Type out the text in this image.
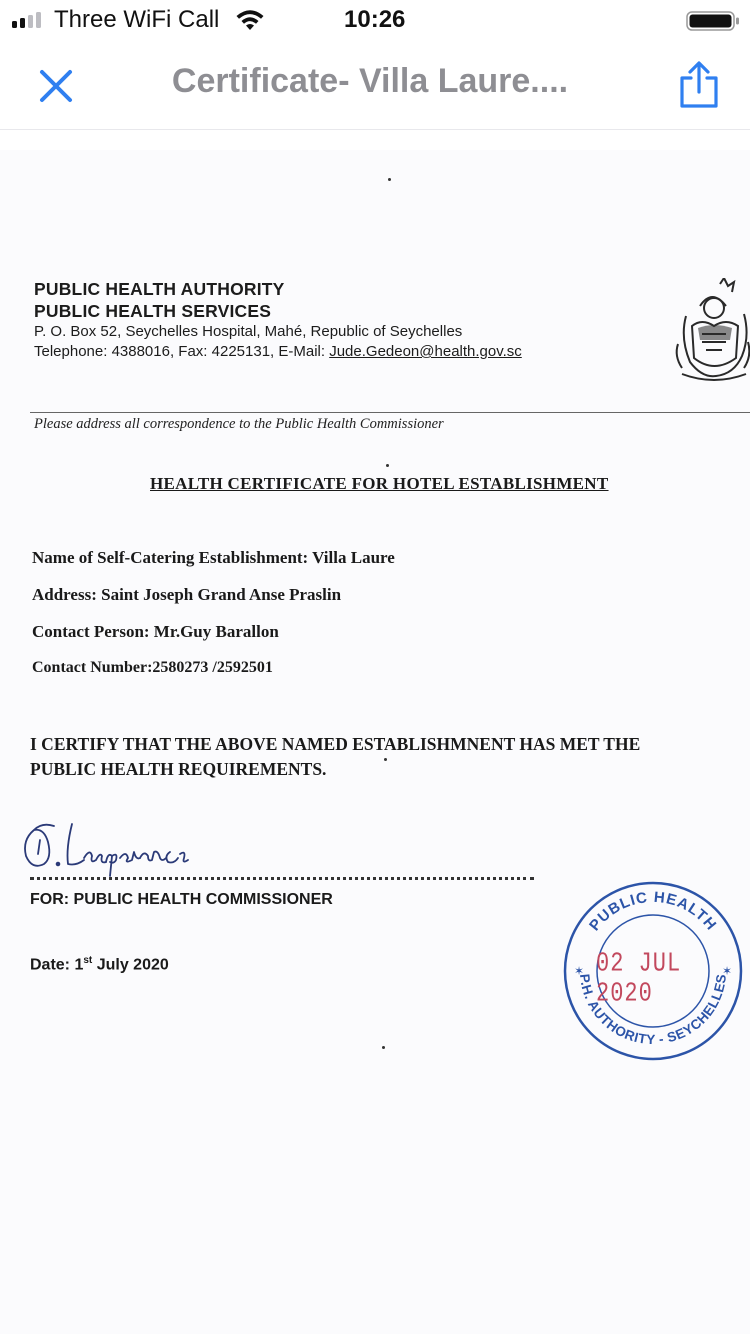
Three WiFi Call	10:26
Certificate- Villa Laure....
PUBLIC HEALTH AUTHORITY
PUBLIC HEALTH SERVICES
P. O. Box 52, Seychelles Hospital, Mahé, Republic of Seychelles
Telephone: 4388016, Fax: 4225131, E-Mail: Jude.Gedeon@health.gov.sc
Please address all correspondence to the Public Health Commissioner
HEALTH CERTIFICATE FOR HOTEL ESTABLISHMENT
Name of Self-Catering Establishment: Villa Laure
Address: Saint Joseph Grand Anse Praslin
Contact Person: Mr.Guy Barallon
Contact Number:2580273 /2592501
I CERTIFY THAT THE ABOVE NAMED ESTABLISHMNENT HAS MET THE
PUBLIC HEALTH REQUIREMENTS.
FOR: PUBLIC HEALTH COMMISSIONER
Date: 1st July 2020
PUBLIC HEALTH
P.H. AUTHORITY - SEYCHELLES
✶	✶
02 JUL 2020
